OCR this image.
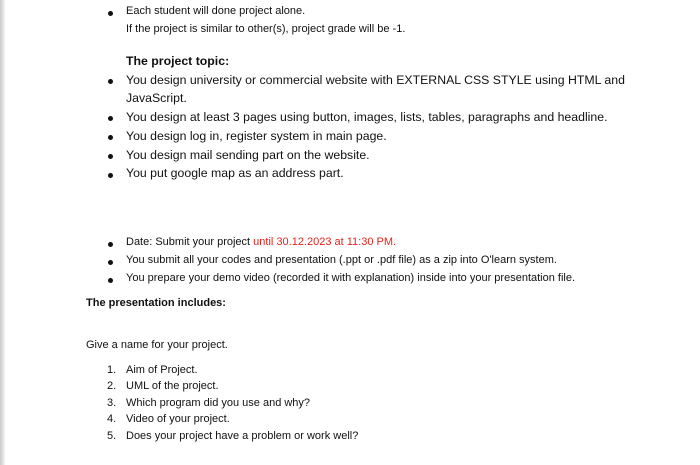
Each student will done project alone.
If the project is similar to other(s), project grade will be -1.
The project topic:
You design university or commercial website with EXTERNAL CSS STYLE using HTML and
JavaScript.
You design at least 3 pages using button, images, lists, tables, paragraphs and headline.
You design log in, register system in main page.
You design mail sending part on the website.
You put google map as an address part.
Date: Submit your project until 30.12.2023 at 11:30 PM.
You submit all your codes and presentation (.ppt or .pdf file) as a zip into O'learn system.
You prepare your demo video (recorded it with explanation) inside into your presentation file.
The presentation includes:
Give a name for your project.
1. Aim of Project.
2. UML of the project.
3. Which program did you use and why?
4. Video of your project.
5. Does your project have a problem or work well?
